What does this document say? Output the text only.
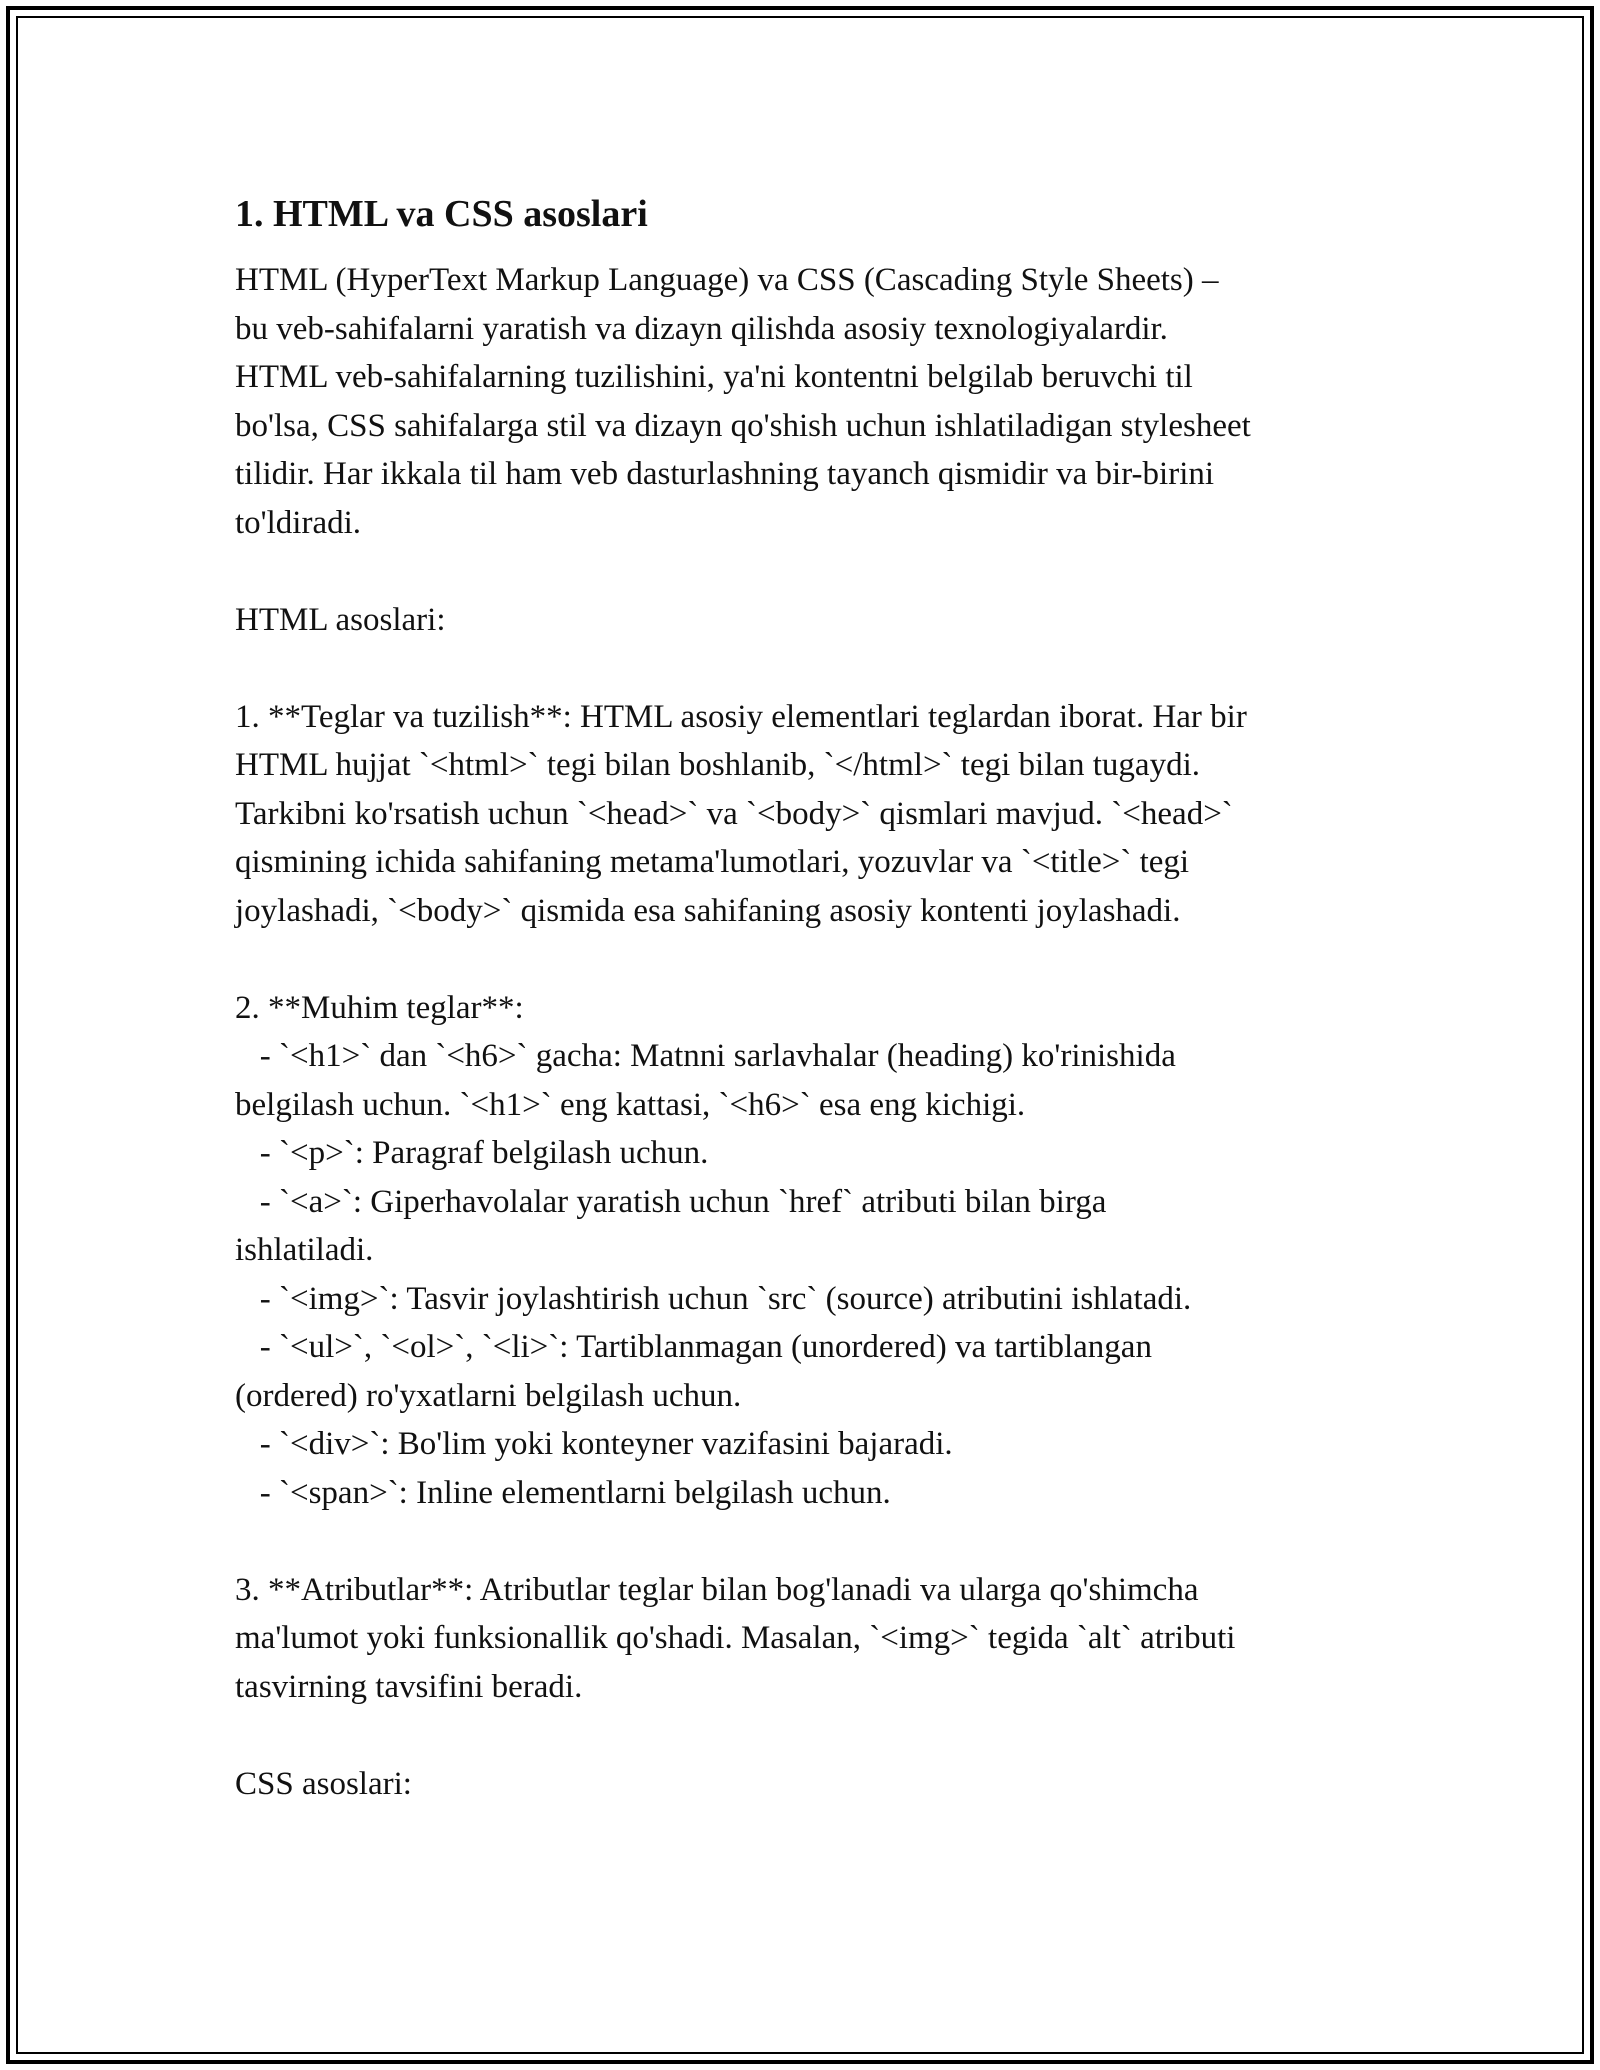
1. HTML va CSS asoslari

HTML (HyperText Markup Language) va CSS (Cascading Style Sheets) –
bu veb-sahifalarni yaratish va dizayn qilishda asosiy texnologiyalardir.
HTML veb-sahifalarning tuzilishini, ya'ni kontentni belgilab beruvchi til
bo'lsa, CSS sahifalarga stil va dizayn qo'shish uchun ishlatiladigan stylesheet
tilidir. Har ikkala til ham veb dasturlashning tayanch qismidir va bir-birini
to'ldiradi.

HTML asoslari:

1. **Teglar va tuzilish**: HTML asosiy elementlari teglardan iborat. Har bir
HTML hujjat `<html>` tegi bilan boshlanib, `</html>` tegi bilan tugaydi.
Tarkibni ko'rsatish uchun `<head>` va `<body>` qismlari mavjud. `<head>`
qismining ichida sahifaning metama'lumotlari, yozuvlar va `<title>` tegi
joylashadi, `<body>` qismida esa sahifaning asosiy kontenti joylashadi.

2. **Muhim teglar**:
- `<h1>` dan `<h6>` gacha: Matnni sarlavhalar (heading) ko'rinishida
belgilash uchun. `<h1>` eng kattasi, `<h6>` esa eng kichigi.
- `<p>`: Paragraf belgilash uchun.
- `<a>`: Giperhavolalar yaratish uchun `href` atributi bilan birga
ishlatiladi.
- `<img>`: Tasvir joylashtirish uchun `src` (source) atributini ishlatadi.
- `<ul>`, `<ol>`, `<li>`: Tartiblanmagan (unordered) va tartiblangan
(ordered) ro'yxatlarni belgilash uchun.
- `<div>`: Bo'lim yoki konteyner vazifasini bajaradi.
- `<span>`: Inline elementlarni belgilash uchun.

3. **Atributlar**: Atributlar teglar bilan bog'lanadi va ularga qo'shimcha
ma'lumot yoki funksionallik qo'shadi. Masalan, `<img>` tegida `alt` atributi
tasvirning tavsifini beradi.

CSS asoslari:
